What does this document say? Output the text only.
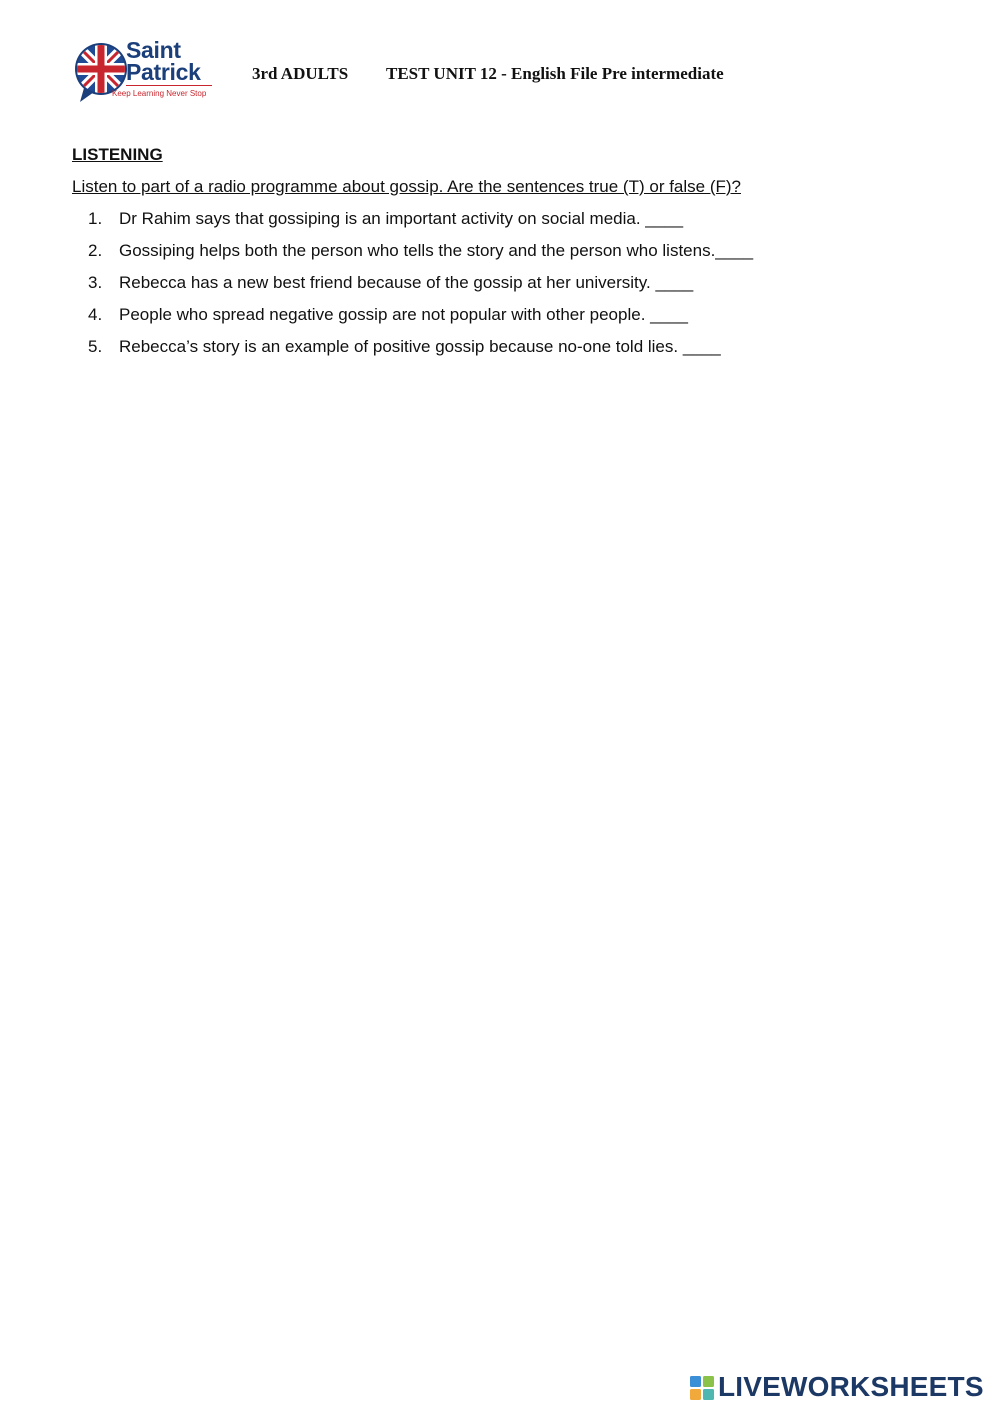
Saint
Patrick
Keep Learning Never Stop
3rd ADULTS TEST UNIT 12 - English File Pre intermediate
LISTENING
Listen to part of a radio programme about gossip. Are the sentences true (T) or false (F)?
1. Dr Rahim says that gossiping is an important activity on social media. ____
2. Gossiping helps both the person who tells the story and the person who listens.____
3. Rebecca has a new best friend because of the gossip at her university. ____
4. People who spread negative gossip are not popular with other people. ____
5. Rebecca’s story is an example of positive gossip because no-one told lies. ____
LIVEWORKSHEETS
